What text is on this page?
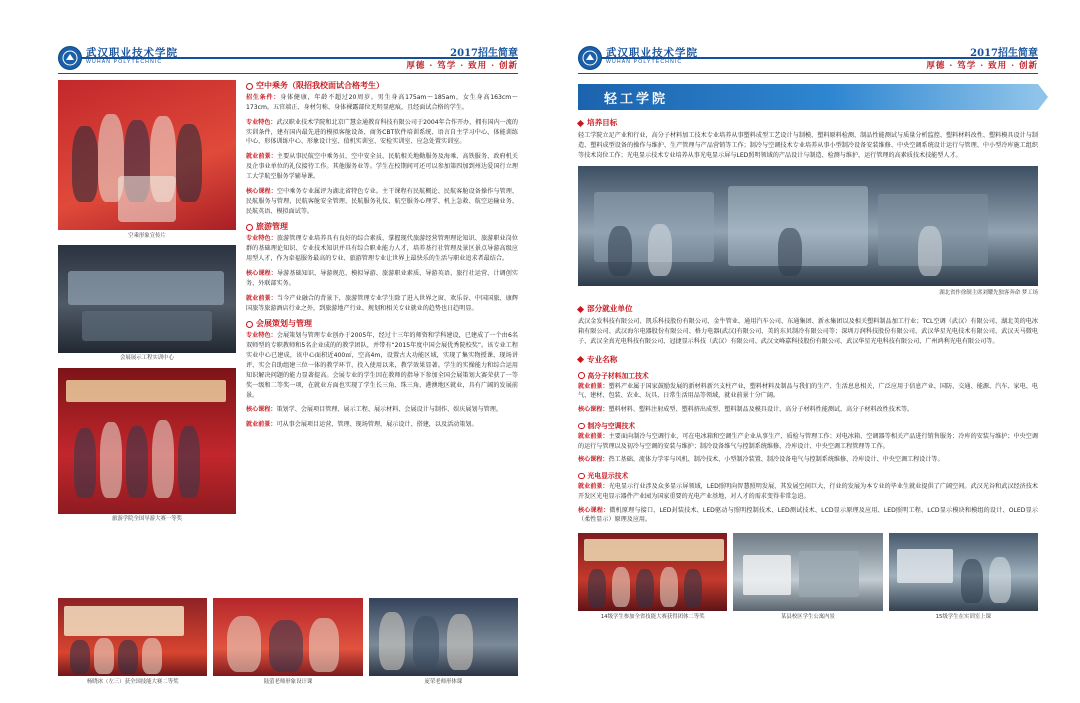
武汉职业技术学院
WUHAN POLYTECHNIC
2017招生简章
厚德 · 笃学 · 致用 · 创新
空乘形象宣传片
会展展示工程实训中心
旅游学院全国导游大赛一等奖
空中乘务（限招我校面试合格考生）

招生条件：身体健康，年龄不超过20周岁。男生身高175am～185am，女生身高163cm～173cm。五官端正、身材匀称、身体裸露部位无明显疤痕，且经面试合格的学生。

专业特色：武汉职业技术学院和北京广慧金通教育科技有限公司于2004年合作开办，拥有国内一流的实训条件，建有国内最先进的模拟客舱设备、商务CBT软件培训系统、语言自主学习中心、体能训练中心、形体训练中心、形象设计室、值机实训室、安检实训室、应急处置实训室。

就业前景：主要从事民航空中乘务员、空中安全员、民航相关地勤服务及海乘、高铁服务、政府机关及企事业单位的礼仪接待工作。其他服务业等。学生在校期间可还可以参加第四加到州达爱国行立理工大学航空服务学辅导课。

核心课程：空中乘务专业属评为湖北省特色专业。主干课程有民航概论、民航客舱设备操作与管理、民航服务与管理、民航客舱安全管理、民航服务礼仪、航空服务心理学、机上急救、航空运输业务、民航英语、模拟面试等。

旅游管理

专业特色：旅游管理专业培养具有良好的综合素质、掌握现代旅游经营管理理论知识、旅游职业岗位群的基础理论知识、专业技术知识并具有综合职业能力人才，培养基行社管理及景区景点导游高级应用型人才，作为牵福服务最高的专业、旅游管理专业让世界上最快乐的生活与职业追求者最结合。

核心课程：导游基础知识、导游规范、模拟导游、旅游职业素质、导游英语、旅行社运营、计调创实务、外联部实务。

就业前景：当今产业融合的背景下，旅游管理专业学生除了进入世界之窗、欢乐谷、中国国旅、康辉国旅等旅游酒店行业之外，到旅游地产行业、规划和相关专业就业的趋势也日趋明显。

会展策划与管理

专业特色：会展策划与管理专业创办于2005年，经过十三年的师资和学科建设，已建成了一个由6名双师型的专职教师和5名企业成的的教学团队，并带有“2015年度中国会展优秀院校奖”。该专业工程实业中心已建成，该中心面积近400㎡，空高4m，设置古大功能区域，实现了集实物授课、现场讲评、实会自助组建三位一体的教学环节，投入使用以来，教学效果显著。学生的实操能力和综合运用知识解决问题的能力显著提高。会展专业的学生因在教师的指导下参加全国会展策划大赛荣获了一等奖一级和二等奖一项，在就业方面也实现了学生长三角、珠三角、港澳地区就业，具有广阔的发展前景。

核心课程：策划学、会展项目管理、展示工程、展示材料、会展设计与制作、娱庆展划与管理。

就业前景：可从事会展项目运营、管理、现场管理、展示设计、搭建，以及活动策划。

杨晓冰（左三）获全国技能大赛二等奖	陆萤老师形象设计课	庞荣老师形体课
武汉职业技术学院
WUHAN POLYTECHNIC
2017招生简章
厚德 · 笃学 · 致用 · 创新
轻工学院
培养目标

轻工学院立足产业和行业，高分子材料加工技术专业培养从事塑料成型工艺设计与制模、塑料原料检测、制品性能测试与质量分析监控、塑料材料改性、塑料模具设计与制造、塑料成型设备的操作与维护、生产管理与产品营销等工作；制冷与空调技术专业培养从事小型制冷设备安装维修、中央空调系统设计运行与管理、中小型冷库施工组织等技术岗位工作；光电显示技术专业培养从事光电显示屏与LED照明领域的产品设计与制造、检测与维护、运行管理的高素质技术技能型人才。

湖北省作徐制主席刘耀先独客奔命 梦工场
部分就业单位

武汉金发科技有限公司、凯乐科技股份有限公司、金牛管业、通用汽车公司、东通集团、新永集团以及相关塑料制品加工行业；TCL空调（武汉）有限公司、湖北美的电冰箱有限公司、武汉海尔电器股份有限公司、格力电器(武汉)有限公司、美的东贝制冷有限公司等；深圳万润科技股份有限公司、武汉华星光电技术有限公司、武汉天马微电子、武汉全真光电科技有限公司、冠捷显示科技（武汉）有限公司、武汉文峰嘉科技股份有限公司、武汉华星光电科技有限公司、广州鸿利光电有限公司等。

专业名称
高分子材料加工技术

就业前景：塑料产业属于国家鼓励发展的新材料新兴支柱产业，塑料材料及制品与我们的生产、生活息息相关，广泛应用于信息产业、国防、交通、能源、汽车、家电、电气、建材、包装、农业、玩具、日常生活用品等领域，就业前景十分广阔。

核心课程：塑料材料、塑料注射成型、塑料挤出成型、塑料制品及模具设计、高分子材料性能测试、高分子材料改性技术等。

制冷与空调技术

就业前景：主要面向制冷与空调行业，可在电冰箱和空调生产企业从事生产、质检与管理工作；对电冰箱、空调器等相关产品进行销售服务；冷库的安装与维护；中央空调的运行与管理以及初冷与空调的安装与维护；制冷设备维气与控制系统维修、冷库设计、中央空调工程管理等工作。

核心课程：热工基础、流体力学零与风机、制冷技术、小型制冷装置、制冷设备电气与控制系统维修、冷库设计、中央空调工程设计等。

光电显示技术

就业前景：光电显示行业涉及众多显示屏领域，LED照明向智慧照明发展，其发展空间巨大，行业的发展为本专业的毕业生就业提供了广阔空间。武汉光谷和武汉经济技术开发区光电显示器件产业园为国家重要的光电产业基地，对人才的需求变得非常急迫。

核心课程：微机原理与接口、LED封装技术、LED驱动与照明控制技术、LED测试技术、LCD显示原理及应用、LED照明工程、LCD显示模块和模组的设计、OLED显示（柔性显示）原理及应用。

14级学生参加全省技能大赛获得团体二等奖	某县校区学生公寓内景	15级学生在实训室上课
